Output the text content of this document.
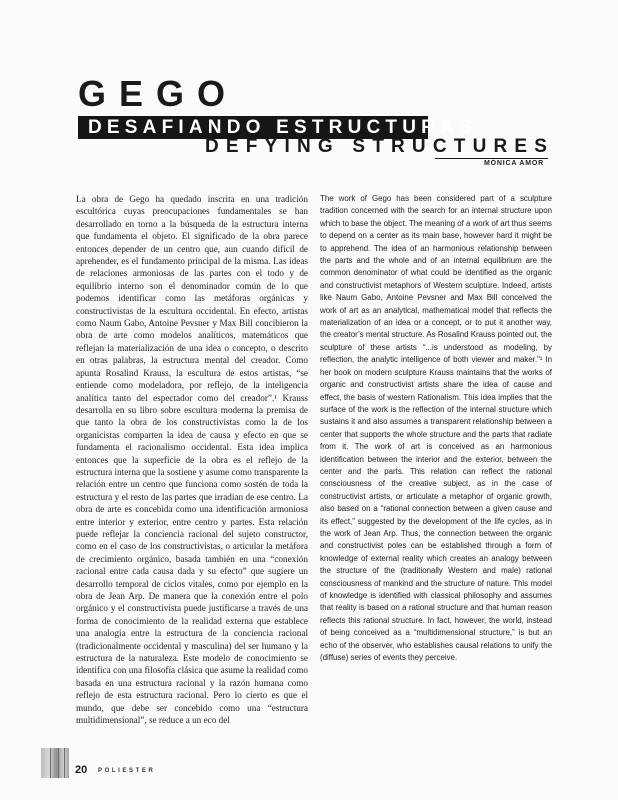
GEGO
DESAFIANDO ESTRUCTURAS
DEFYING STRUCTURES
MÓNICA AMOR
La obra de Gego ha quedado inscrita en una tradición escultórica cuyas preocupaciones fundamentales se han desarrollado en torno a la búsqueda de la estructura interna que fundamenta el objeto. El significado de la obra parece entonces depender de un centro que, aun cuando difícil de aprehender, es el fundamento principal de la misma. Las ideas de relaciones armoniosas de las partes con el todo y de equilibrio interno son el denominador común de lo que podemos identificar como las metáforas orgánicas y constructivistas de la escultura occidental. En efecto, artistas como Naum Gabo, Antoine Pevsner y Max Bill concibieron la obra de arte como modelos analíticos, matemáticos que reflejan la materialización de una idea o concepto, o descrito en otras palabras, la estructura mental del creador. Como apunta Rosalind Krauss, la escultura de estos artistas, “se entiende como modeladora, por reflejo, de la inteligencia analítica tanto del espectador como del creador”.¹ Krauss desarrolla en su libro sobre escultura moderna la premisa de que tanto la obra de los constructivistas como la de los organicistas comparten la idea de causa y efecto en que se fundamenta el racionalismo occidental. Esta idea implica entonces que la superficie de la obra es el reflejo de la estructura interna que la sostiene y asume como transparente la relación entre un centro que funciona como sostén de toda la estructura y el resto de las partes que irradian de ese centro. La obra de arte es concebida como una identificación armoniosa entre interior y exterior, entre centro y partes. Esta relación puede reflejar la conciencia racional del sujeto constructor, como en el caso de los constructivistas, o articular la metáfora de crecimiento orgánico, basada también en una “conexión racional entre cada causa dada y su efecto” que sugiere un desarrollo temporal de ciclos vitales, como por ejemplo en la obra de Jean Arp. De manera que la conexión entre el polo orgánico y el constructivista puede justificarse a través de una forma de conocimiento de la realidad externa que establece una analogía entre la estructura de la conciencia racional (tradicionalmente occidental y masculina) del ser humano y la estructura de la naturaleza. Este modelo de conocimiento se identifica con una filosofía clásica que asume la realidad como basada en una estructura racional y la razón humana como reflejo de esta estructura racional. Pero lo cierto es que el mundo, que debe ser concebido como una “estructura multidimensional”, se reduce a un eco del
The work of Gego has been considered part of a sculpture tradition concerned with the search for an internal structure upon which to base the object. The meaning of a work of art thus seems to depend on a center as its main base, however hard it might be to apprehend. The idea of an harmonious relationship between the parts and the whole and of an internal equilibrium are the common denominator of what could be identified as the organic and constructivist metaphors of Western sculpture. Indeed, artists like Naum Gabo, Antoine Pevsner and Max Bill conceived the work of art as an analytical, mathematical model that reflects the materialization of an idea or a concept, or to put it another way, the creator’s mental structure. As Rosalind Krauss pointed out, the sculpture of these artists “...is understood as modeling, by reflection, the analytic intelligence of both viewer and maker.”¹ In her book on modern sculpture Krauss maintains that the works of organic and constructivist artists share the idea of cause and effect, the basis of western Rationalism. This idea implies that the surface of the work is the reflection of the internal structure which sustains it and also assumes a transparent relationship between a center that supports the whole structure and the parts that radiate from it. The work of art is conceived as an harmonious identification between the interior and the exterior, between the center and the parts. This relation can reflect the rational consciousness of the creative subject, as in the case of constructivist artists, or articulate a metaphor of organic growth, also based on a “rational connection between a given cause and its effect,” suggested by the development of the life cycles, as in the work of Jean Arp. Thus, the connection between the organic and constructivist poles can be established through a form of knowledge of external reality which creates an analogy between the structure of the (traditionally Western and male) rational consciousness of mankind and the structure of nature. This model of knowledge is identified with classical philosophy and assumes that reality is based on a rational structure and that human reason reflects this rational structure. In fact, however, the world, instead of being conceived as a “multidimensional structure,” is but an echo of the observer, who establishes causal relations to unify the (diffuse) series of events they perceive.
20 POLIESTER
